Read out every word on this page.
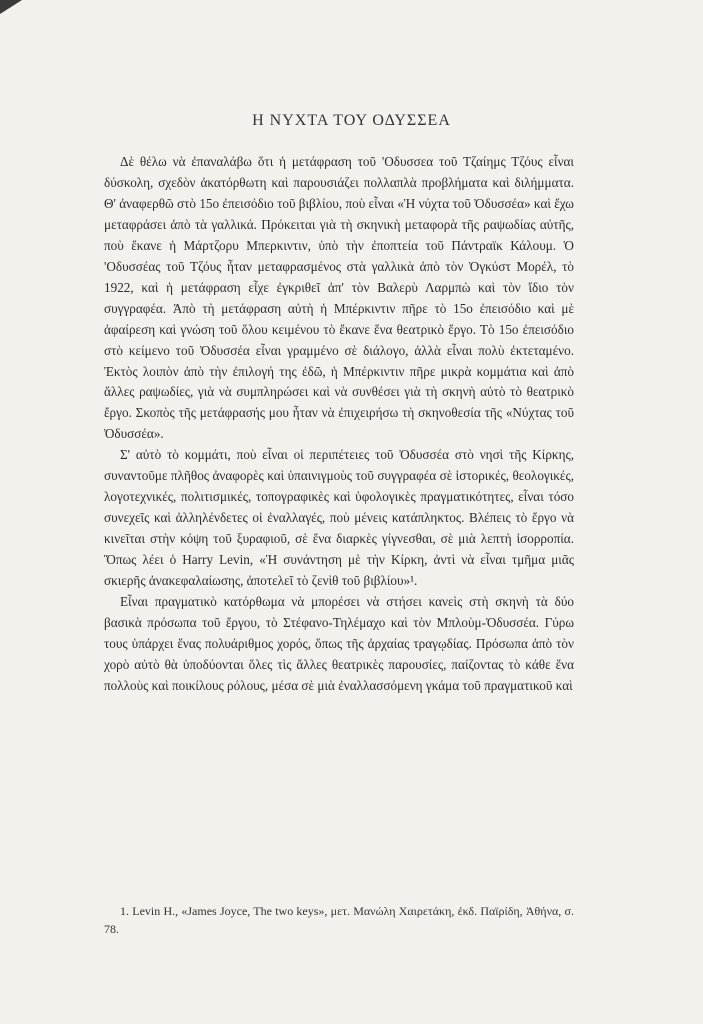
Η ΝΥΧΤΑ ΤΟΥ ΟΔΥΣΣΕΑ

Δὲ θέλω νὰ ἐπαναλάβω ὅτι ἡ μετάφραση τοῦ 'Οδυσσεα τοῦ Τζαίημς Τζόυς εἶναι δύσκολη, σχεδὸν ἀκατόρθωτη καὶ παρουσιάζει πολλαπλὰ προβλήματα καὶ διλήμματα. Θ' ἀναφερθῶ στὸ 15ο ἐπεισόδιο τοῦ βιβλίου, ποὺ εἶναι «Ἡ νύχτα τοῦ Ὀδυσσέα» καὶ ἔχω μεταφράσει ἀπὸ τὰ γαλλικά. Πρόκειται γιὰ τὴ σκηνικὴ μεταφορὰ τῆς ραψωδίας αὐτῆς, ποὺ ἔκανε ἡ Μάρτζορυ Μπερκιντιν, ὑπὸ τὴν ἐποπτεία τοῦ Πάντραϊκ Κάλουμ. Ὁ 'Οδυσσέας τοῦ Τζόυς ἦταν μεταφρασμένος στὰ γαλλικὰ ἀπὸ τὸν Ὀγκύστ Μορέλ, τὸ 1922, καὶ ἡ μετάφραση εἶχε ἐγκριθεῖ ἀπ' τὸν Βαλερὺ Λαρμπὼ καὶ τὸν ἴδιο τὸν συγγραφέα. Ἀπὸ τὴ μετάφραση αὐτὴ ἡ Μπέρκιντιν πῆρε τὸ 15ο ἐπεισόδιο καὶ μὲ ἀφαίρεση καὶ γνώση τοῦ ὅλου κειμένου τὸ ἔκανε ἕνα θεατρικὸ ἔργο. Τὸ 15ο ἐπεισόδιο στὸ κείμενο τοῦ Ὀδυσσέα εἶναι γραμμένο σὲ διάλογο, ἀλλὰ εἶναι πολὺ ἐκτεταμένο. Ἐκτὸς λοιπὸν ἀπὸ τὴν ἐπιλογή της ἐδῶ, ἡ Μπέρκιντιν πῆρε μικρὰ κομμάτια καὶ ἀπὸ ἄλλες ραψωδίες, γιὰ νὰ συμπληρώσει καὶ νὰ συνθέσει γιὰ τὴ σκηνὴ αὐτὸ τὸ θεατρικὸ ἔργο. Σκοπὸς τῆς μετάφρασής μου ἦταν νὰ ἐπιχειρήσω τὴ σκηνοθεσία τῆς «Νύχτας τοῦ Ὀδυσσέα».

Σ' αὐτὸ τὸ κομμάτι, ποὺ εἶναι οἱ περιπέτειες τοῦ Ὀδυσσέα στὸ νησὶ τῆς Κίρκης, συναντοῦμε πλῆθος ἀναφορὲς καὶ ὑπαινιγμοὺς τοῦ συγγραφέα σὲ ἱστορικές, θεολογικές, λογοτεχνικές, πολιτισμικές, τοπογραφικὲς καὶ ὑφολογικὲς πραγματικότητες, εἶναι τόσο συνεχεῖς καὶ ἀλληλένδετες οἱ ἐναλλαγές, ποὺ μένεις κατάπληκτος. Βλέπεις τὸ ἔργο νὰ κινεῖται στὴν κόψη τοῦ ξυραφιοῦ, σὲ ἕνα διαρκὲς γίγνεσθαι, σὲ μιὰ λεπτὴ ἰσορροπία. Ὅπως λέει ὁ Harry Levin, «Ἡ συνάντηση μὲ τὴν Κίρκη, ἀντὶ νὰ εἶναι τμῆμα μιᾶς σκιερῆς ἀνακεφαλαίωσης, ἀποτελεῖ τὸ ζενὶθ τοῦ βιβλίου»¹.

Εἶναι πραγματικὸ κατόρθωμα νὰ μπορέσει νὰ στήσει κανεὶς στὴ σκηνὴ τὰ δύο βασικὰ πρόσωπα τοῦ ἔργου, τὸ Στέφανο-Τηλέμαχο καὶ τὸν Μπλοὺμ-Ὀδυσσέα. Γύρω τους ὑπάρχει ἕνας πολυάριθμος χορός, ὅπως τῆς ἀρχαίας τραγῳδίας. Πρόσωπα ἀπὸ τὸν χορὸ αὐτὸ θὰ ὑποδύονται ὅλες τὶς ἄλλες θεατρικὲς παρουσίες, παίζοντας τὸ κάθε ἕνα πολλοὺς καὶ ποικίλους ρόλους, μέσα σὲ μιὰ ἐναλλασσόμενη γκάμα τοῦ πραγματικοῦ καὶ

1. Levin H., «James Joyce, The two keys», μετ. Μανώλη Χαιρετάκη, ἐκδ. Παϊρίδη, Ἀθήνα, σ. 78.
